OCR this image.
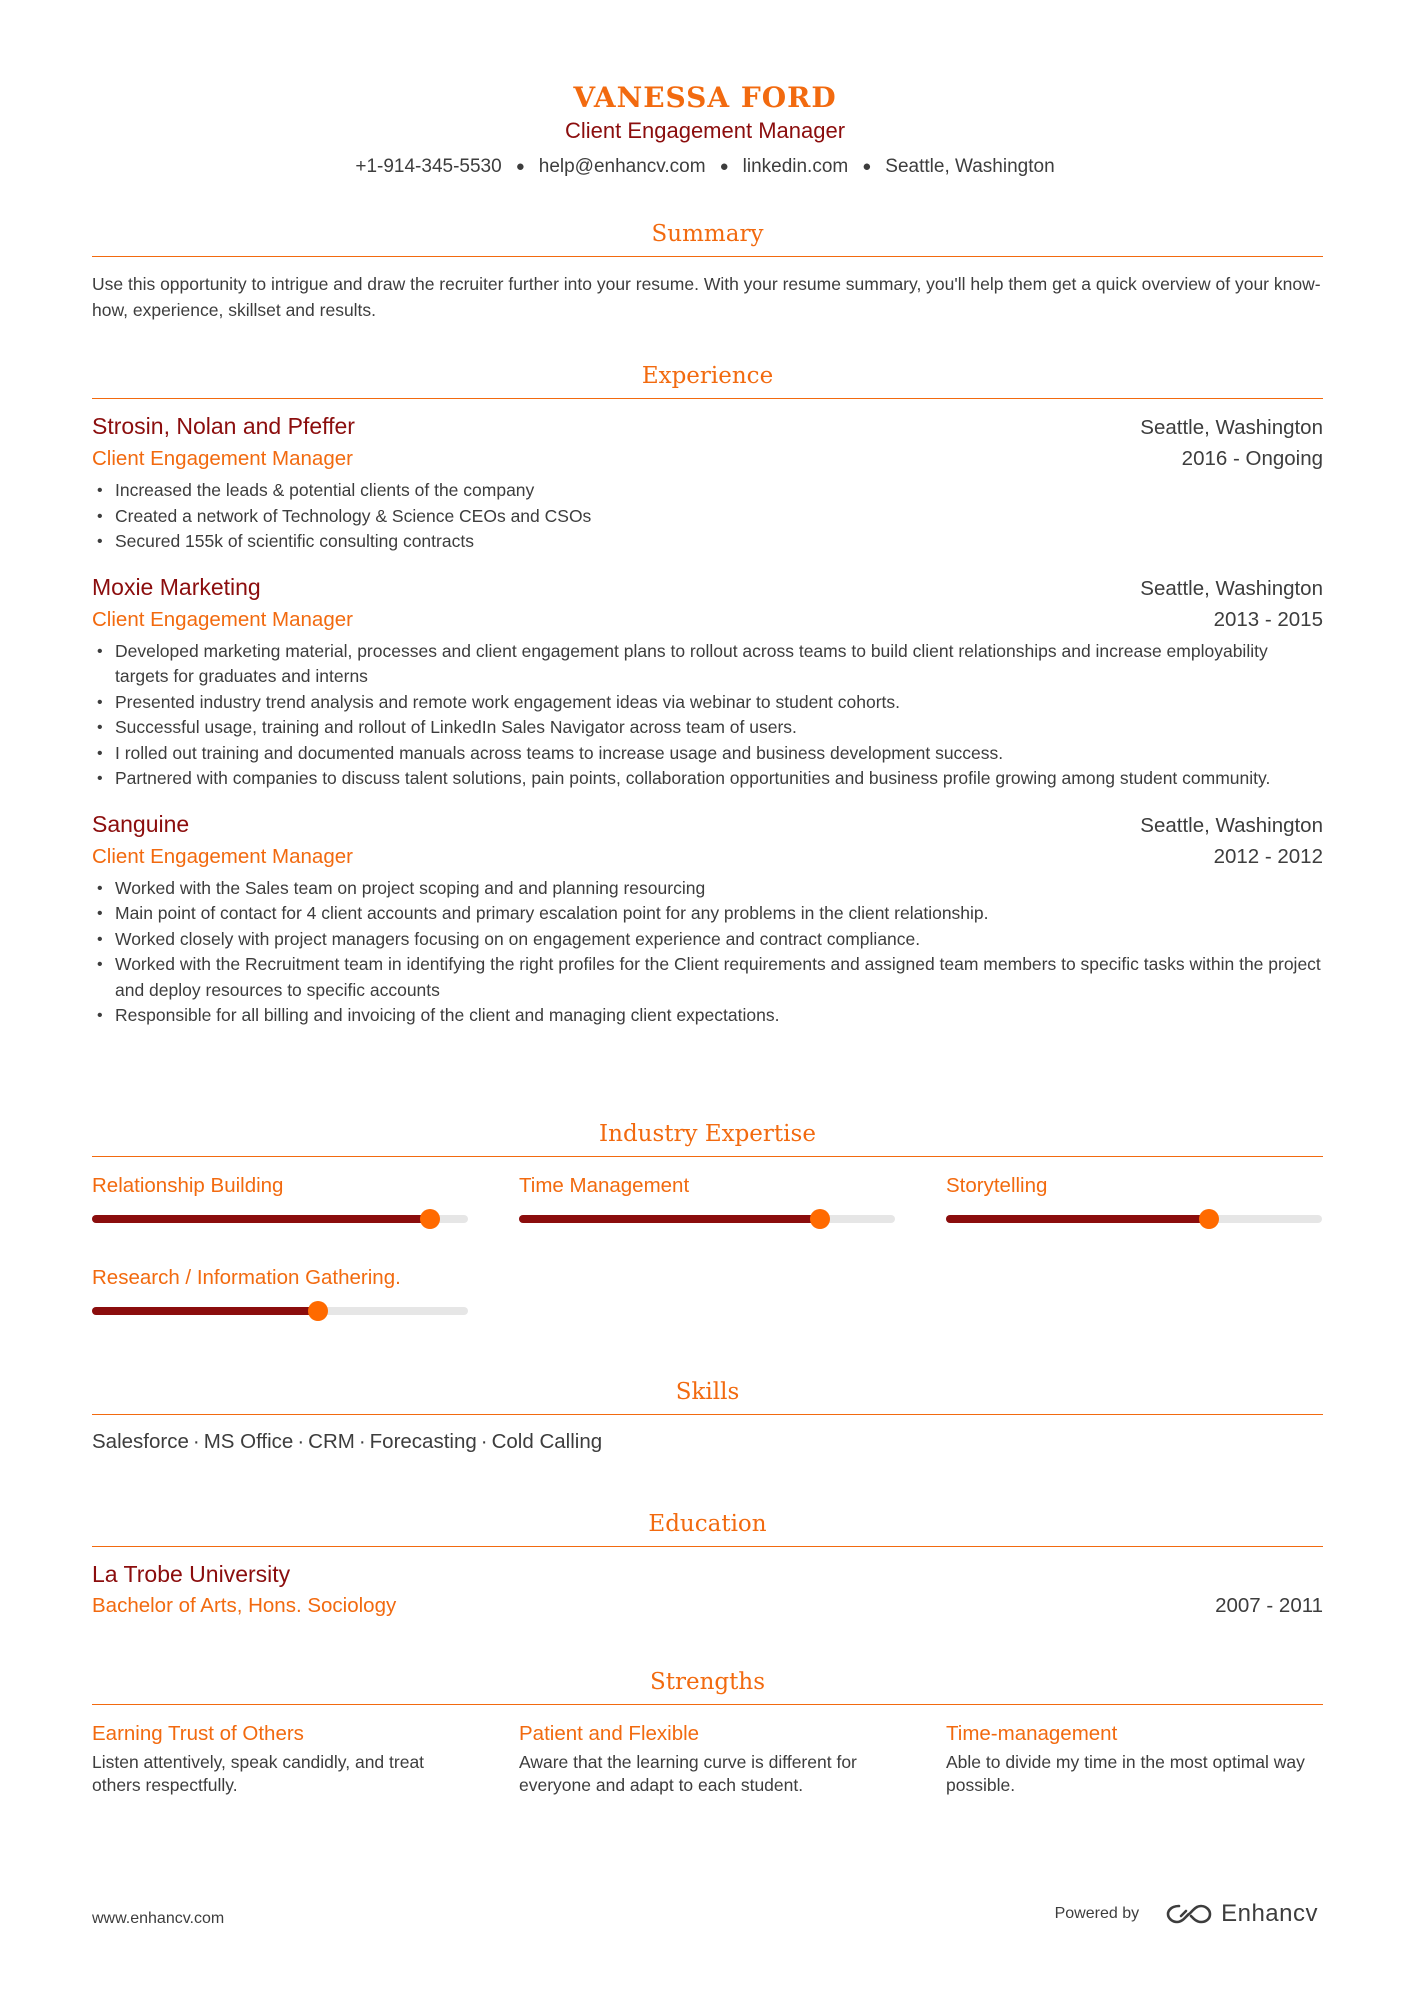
VANESSA FORD
Client Engagement Manager
+1-914-345-5530 ● help@enhancv.com ● linkedin.com ● Seattle, Washington
Summary
Use this opportunity to intrigue and draw the recruiter further into your resume. With your resume summary, you'll help them get a quick overview of your know-how, experience, skillset and results.
Experience
Strosin, Nolan and Pfeffer	Seattle, Washington
Client Engagement Manager	2016 - Ongoing
• Increased the leads & potential clients of the company
• Created a network of Technology & Science CEOs and CSOs
• Secured 155k of scientific consulting contracts
Moxie Marketing	Seattle, Washington
Client Engagement Manager	2013 - 2015
• Developed marketing material, processes and client engagement plans to rollout across teams to build client relationships and increase employability targets for graduates and interns
• Presented industry trend analysis and remote work engagement ideas via webinar to student cohorts.
• Successful usage, training and rollout of LinkedIn Sales Navigator across team of users.
• I rolled out training and documented manuals across teams to increase usage and business development success.
• Partnered with companies to discuss talent solutions, pain points, collaboration opportunities and business profile growing among student community.
Sanguine	Seattle, Washington
Client Engagement Manager	2012 - 2012
• Worked with the Sales team on project scoping and and planning resourcing
• Main point of contact for 4 client accounts and primary escalation point for any problems in the client relationship.
• Worked closely with project managers focusing on on engagement experience and contract compliance.
• Worked with the Recruitment team in identifying the right profiles for the Client requirements and assigned team members to specific tasks within the project and deploy resources to specific accounts
• Responsible for all billing and invoicing of the client and managing client expectations.
Industry Expertise
Relationship Building	Time Management	Storytelling
Research / Information Gathering.
Skills
Salesforce · MS Office · CRM · Forecasting · Cold Calling
Education
La Trobe University
Bachelor of Arts, Hons. Sociology	2007 - 2011
Strengths
Earning Trust of Others
Listen attentively, speak candidly, and treat others respectfully.
Patient and Flexible
Aware that the learning curve is different for everyone and adapt to each student.
Time-management
Able to divide my time in the most optimal way possible.
www.enhancv.com	Powered by	Enhancv
